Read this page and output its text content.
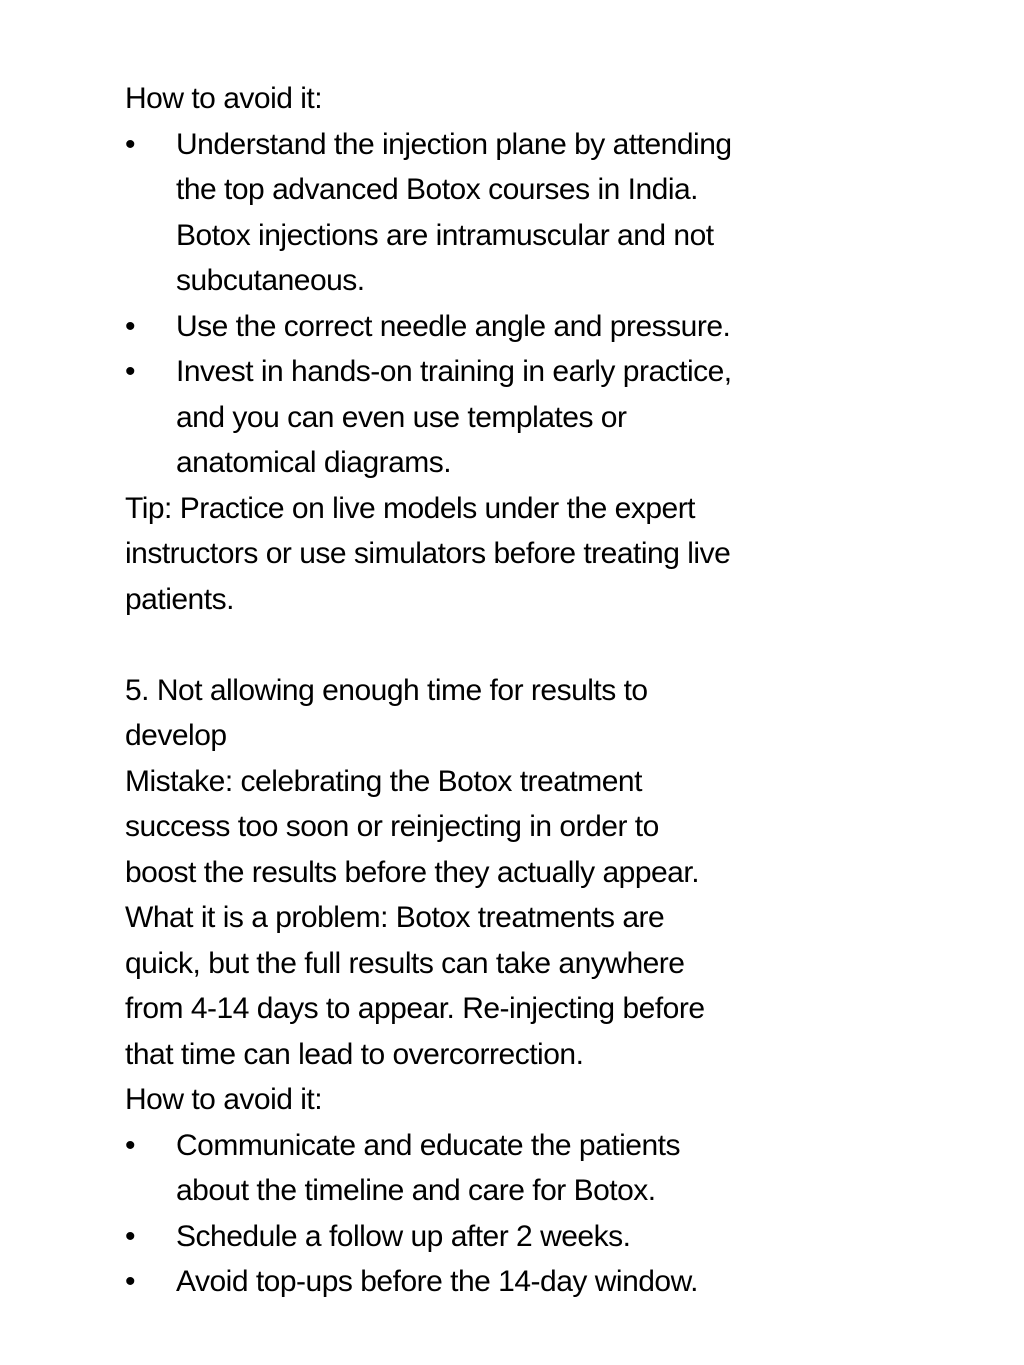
How to avoid it:

•	Understand the injection plane by attending
the top advanced Botox courses in India.
Botox injections are intramuscular and not
subcutaneous.
•	Use the correct needle angle and pressure.
•	Invest in hands-on training in early practice,
and you can even use templates or
anatomical diagrams.

Tip: Practice on live models under the expert

instructors or use simulators before treating live

patients.

5. Not allowing enough time for results to

develop

Mistake: celebrating the Botox treatment

success too soon or reinjecting in order to

boost the results before they actually appear.

What it is a problem: Botox treatments are

quick, but the full results can take anywhere

from 4-14 days to appear. Re-injecting before

that time can lead to overcorrection.

How to avoid it:

•	Communicate and educate the patients
about the timeline and care for Botox.
•	Schedule a follow up after 2 weeks.
•	Avoid top-ups before the 14-day window.
